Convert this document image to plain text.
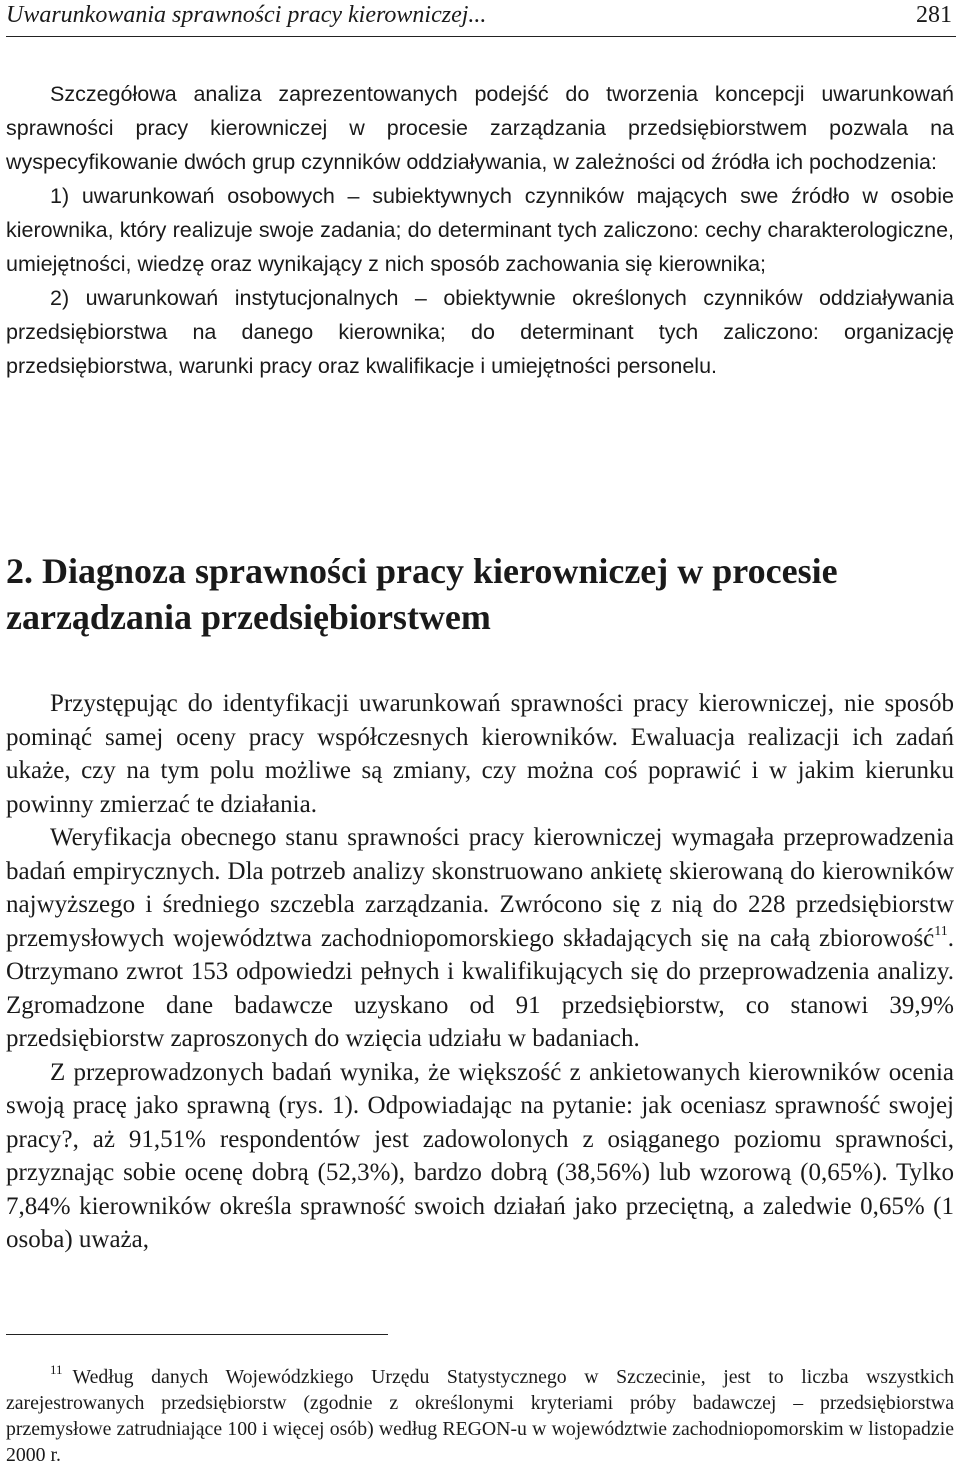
Uwarunkowania sprawności pracy kierowniczej...	281

Szczegółowa analiza zaprezentowanych podejść do tworzenia koncepcji uwarunkowań sprawności pracy kierowniczej w procesie zarządzania przedsiębiorstwem pozwala na wyspecyfikowanie dwóch grup czynników oddziaływania, w zależności od źródła ich pochodzenia:

1) uwarunkowań osobowych – subiektywnych czynników mających swe źródło w osobie kierownika, który realizuje swoje zadania; do determinant tych zaliczono: cechy charakterologiczne, umiejętności, wiedzę oraz wynikający z nich sposób zachowania się kierownika;

2) uwarunkowań instytucjonalnych – obiektywnie określonych czynników oddziaływania przedsiębiorstwa na danego kierownika; do determinant tych zaliczono: organizację przedsiębiorstwa, warunki pracy oraz kwalifikacje i umiejętności personelu.

2. Diagnoza sprawności pracy kierowniczej w procesie zarządzania przedsiębiorstwem

Przystępując do identyfikacji uwarunkowań sprawności pracy kierowniczej, nie sposób pominąć samej oceny pracy współczesnych kierowników. Ewaluacja realizacji ich zadań ukaże, czy na tym polu możliwe są zmiany, czy można coś poprawić i w jakim kierunku powinny zmierzać te działania.

Weryfikacja obecnego stanu sprawności pracy kierowniczej wymagała przeprowadzenia badań empirycznych. Dla potrzeb analizy skonstruowano ankietę skierowaną do kierowników najwyższego i średniego szczebla zarządzania. Zwrócono się z nią do 228 przedsiębiorstw przemysłowych województwa zachodniopomorskiego składających się na całą zbiorowość$^{11}$. Otrzymano zwrot 153 odpowiedzi pełnych i kwalifikujących się do przeprowadzenia analizy. Zgromadzone dane badawcze uzyskano od 91 przedsiębiorstw, co stanowi 39,9% przedsiębiorstw zaproszonych do wzięcia udziału w badaniach.

Z przeprowadzonych badań wynika, że większość z ankietowanych kierowników ocenia swoją pracę jako sprawną (rys. 1). Odpowiadając na pytanie: jak oceniasz sprawność swojej pracy?, aż 91,51% respondentów jest zadowolonych z osiąganego poziomu sprawności, przyznając sobie ocenę dobrą (52,3%), bardzo dobrą (38,56%) lub wzorową (0,65%). Tylko 7,84% kierowników określa sprawność swoich działań jako przeciętną, a zaledwie 0,65% (1 osoba) uważa,

$^{11}$ Według danych Wojewódzkiego Urzędu Statystycznego w Szczecinie, jest to liczba wszystkich zarejestrowanych przedsiębiorstw (zgodnie z określonymi kryteriami próby badawczej – przedsiębiorstwa przemysłowe zatrudniające 100 i więcej osób) według REGON-u w województwie zachodniopomorskim w listopadzie 2000 r.
